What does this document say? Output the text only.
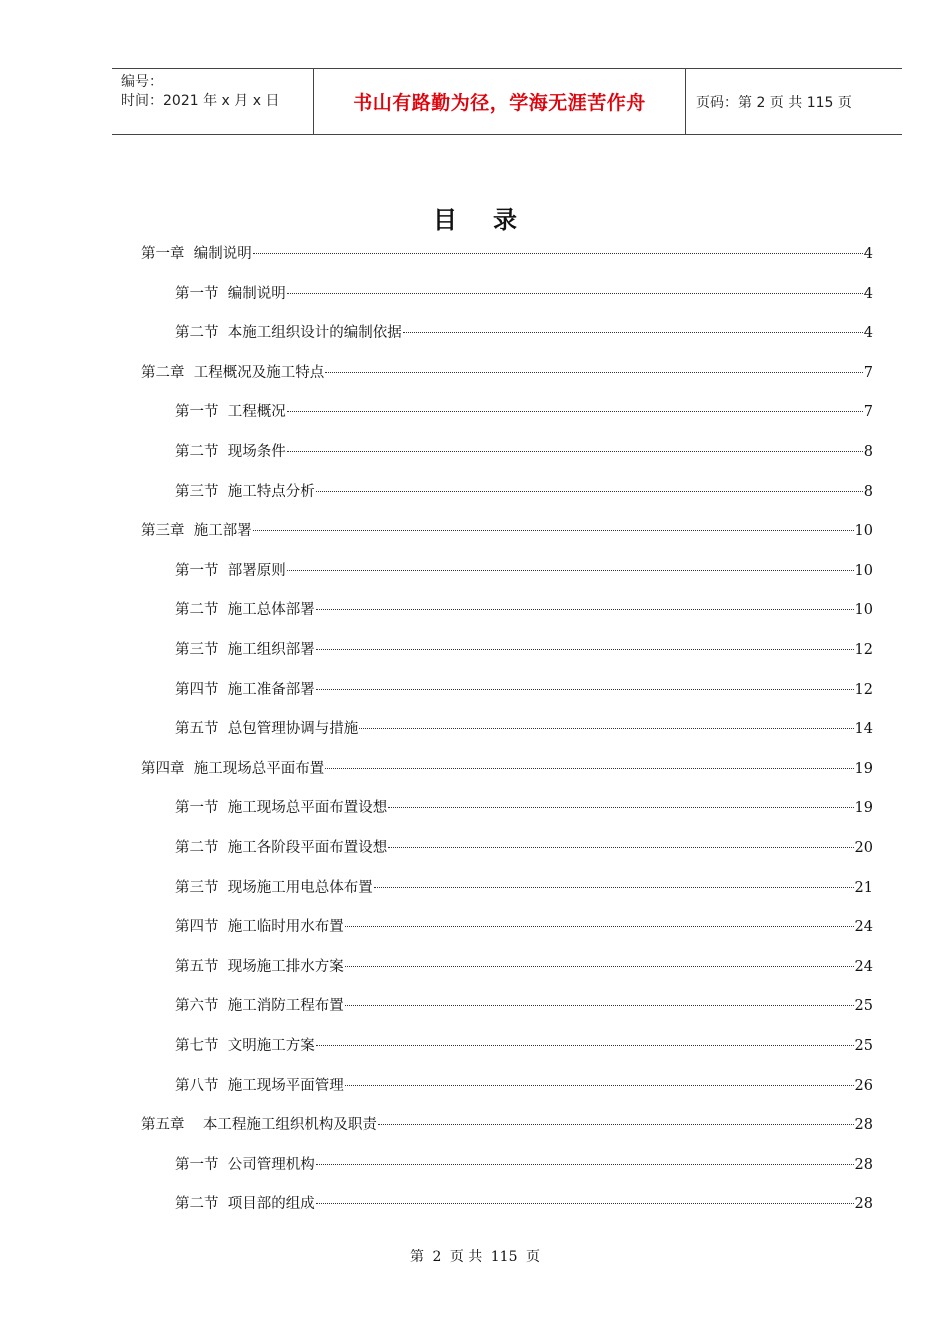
编号：
时间：2021 年 x 月 x 日	书山有路勤为径，学海无涯苦作舟	页码：第 2 页 共 115 页
目录
第一章  编制说明	4
第一节  编制说明	4
第二节  本施工组织设计的编制依据	4
第二章  工程概况及施工特点	7
第一节  工程概况	7
第二节  现场条件	8
第三节  施工特点分析	8
第三章  施工部署	10
第一节  部署原则	10
第二节  施工总体部署	10
第三节  施工组织部署	12
第四节  施工准备部署	12
第五节  总包管理协调与措施	14
第四章  施工现场总平面布置	19
第一节  施工现场总平面布置设想	19
第二节  施工各阶段平面布置设想	20
第三节  现场施工用电总体布置	21
第四节  施工临时用水布置	24
第五节  现场施工排水方案	24
第六节  施工消防工程布置	25
第七节  文明施工方案	25
第八节  施工现场平面管理	26
第五章    本工程施工组织机构及职责	28
第一节  公司管理机构	28
第二节  项目部的组成	28
第 2 页 共 115 页
